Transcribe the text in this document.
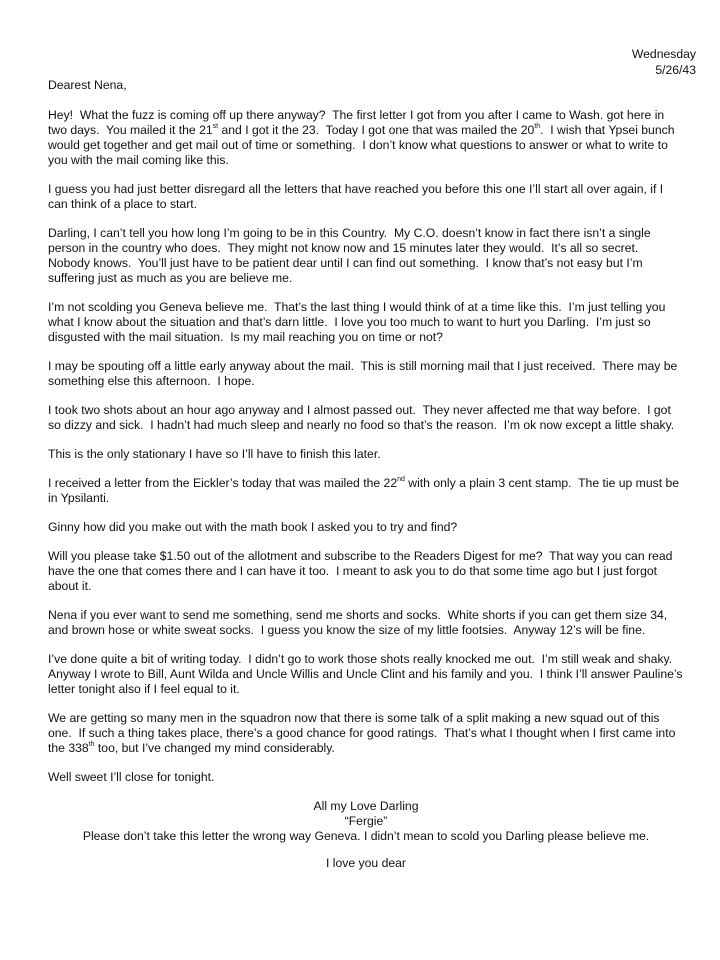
Wednesday
5/26/43
Dearest Nena,

Hey!  What the fuzz is coming off up there anyway?  The first letter I got from you after I came to Wash. got here in two days.  You mailed it the 21st and I got it the 23.  Today I got one that was mailed the 20th.  I wish that Ypsei bunch would get together and get mail out of time or something.  I don’t know what questions to answer or what to write to you with the mail coming like this.

I guess you had just better disregard all the letters that have reached you before this one I’ll start all over again, if I can think of a place to start.

Darling, I can’t tell you how long I’m going to be in this Country.  My C.O. doesn’t know in fact there isn’t a single person in the country who does.  They might not know now and 15 minutes later they would.  It’s all so secret.  Nobody knows.  You’ll just have to be patient dear until I can find out something.  I know that’s not easy but I’m suffering just as much as you are believe me.

I’m not scolding you Geneva believe me.  That’s the last thing I would think of at a time like this.  I’m just telling you what I know about the situation and that’s darn little.  I love you too much to want to hurt you Darling.  I’m just so disgusted with the mail situation.  Is my mail reaching you on time or not?

I may be spouting off a little early anyway about the mail.  This is still morning mail that I just received.  There may be something else this afternoon.  I hope.

I took two shots about an hour ago anyway and I almost passed out.  They never affected me that way before.  I got so dizzy and sick.  I hadn’t had much sleep and nearly no food so that’s the reason.  I’m ok now except a little shaky.

This is the only stationary I have so I’ll have to finish this later.

I received a letter from the Eickler’s today that was mailed the 22nd with only a plain 3 cent stamp.  The tie up must be in Ypsilanti.

Ginny how did you make out with the math book I asked you to try and find?

Will you please take $1.50 out of the allotment and subscribe to the Readers Digest for me?  That way you can read have the one that comes there and I can have it too.  I meant to ask you to do that some time ago but I just forgot about it.

Nena if you ever want to send me something, send me shorts and socks.  White shorts if you can get them size 34, and brown hose or white sweat socks.  I guess you know the size of my little footsies.  Anyway 12’s will be fine.

I’ve done quite a bit of writing today.  I didn’t go to work those shots really knocked me out.  I’m still weak and shaky.  Anyway I wrote to Bill, Aunt Wilda and Uncle Willis and Uncle Clint and his family and you.  I think I’ll answer Pauline’s letter tonight also if I feel equal to it.

We are getting so many men in the squadron now that there is some talk of a split making a new squad out of this one.  If such a thing takes place, there’s a good chance for good ratings.  That’s what I thought when I first came into the 338th too, but I’ve changed my mind considerably.

Well sweet I’ll close for tonight.

All my Love Darling
“Fergie”
Please don’t take this letter the wrong way Geneva. I didn’t mean to scold you Darling please believe me.
I love you dear
